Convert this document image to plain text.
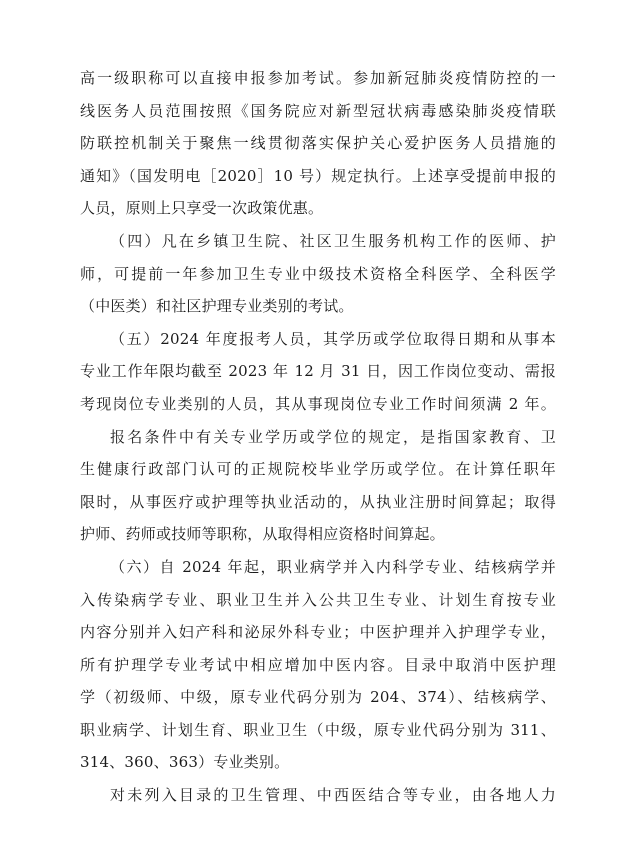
高一级职称可以直接申报参加考试。参加新冠肺炎疫情防控的一
线医务人员范围按照《国务院应对新型冠状病毒感染肺炎疫情联
防联控机制关于聚焦一线贯彻落实保护关心爱护医务人员措施的
通知》（国发明电［2020］10 号）规定执行。上述享受提前申报的
人员，原则上只享受一次政策优惠。
（四）凡在乡镇卫生院、社区卫生服务机构工作的医师、护
师，可提前一年参加卫生专业中级技术资格全科医学、全科医学
（中医类）和社区护理专业类别的考试。
（五）2024 年度报考人员，其学历或学位取得日期和从事本
专业工作年限均截至 2023 年 12 月 31 日，因工作岗位变动、需报
考现岗位专业类别的人员，其从事现岗位专业工作时间须满 2 年。
报名条件中有关专业学历或学位的规定，是指国家教育、卫
生健康行政部门认可的正规院校毕业学历或学位。在计算任职年
限时，从事医疗或护理等执业活动的，从执业注册时间算起；取得
护师、药师或技师等职称，从取得相应资格时间算起。
（六）自 2024 年起，职业病学并入内科学专业、结核病学并
入传染病学专业、职业卫生并入公共卫生专业、计划生育按专业
内容分别并入妇产科和泌尿外科专业；中医护理并入护理学专业，
所有护理学专业考试中相应增加中医内容。目录中取消中医护理
学（初级师、中级，原专业代码分别为 204、374）、结核病学、
职业病学、计划生育、职业卫生（中级，原专业代码分别为 311、
314、360、363）专业类别。
对未列入目录的卫生管理、中西医结合等专业，由各地人力
